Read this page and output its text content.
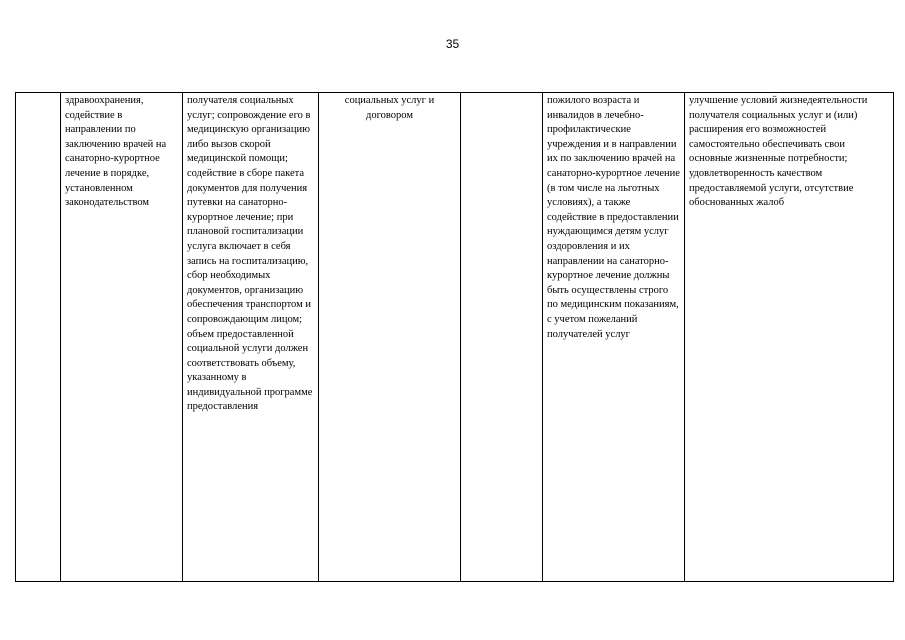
35
	здравоохранения, содействие в направлении по заключению врачей на санаторно-курортное лечение в порядке, установленном законодательством	получателя социальных услуг; сопровождение его в медицинскую организацию либо вызов скорой медицинской помощи; содействие в сборе пакета документов для получения путевки на санаторно-курортное лечение; при плановой госпитализации услуга включает в себя запись на госпитализацию, сбор необходимых документов, организацию обеспечения транспортом и сопровождающим лицом; объем предоставленной социальной услуги должен соответствовать объему, указанному в индивидуальной программе предоставления	социальных услуг и договором		пожилого возраста и инвалидов в лечебно-профилактические учреждения и в направлении их по заключению врачей на санаторно-курортное лечение (в том числе на льготных условиях), а также содействие в предоставлении нуждающимся детям услуг оздоровления и их направлении на санаторно-курортное лечение должны быть осуществлены строго по медицинским показаниям, с учетом пожеланий получателей услуг	улучшение условий жизнедеятельности получателя социальных услуг и (или) расширения его возможностей самостоятельно обеспечивать свои основные жизненные потребности; удовлетворенность качеством предоставляемой услуги, отсутствие обоснованных жалоб
